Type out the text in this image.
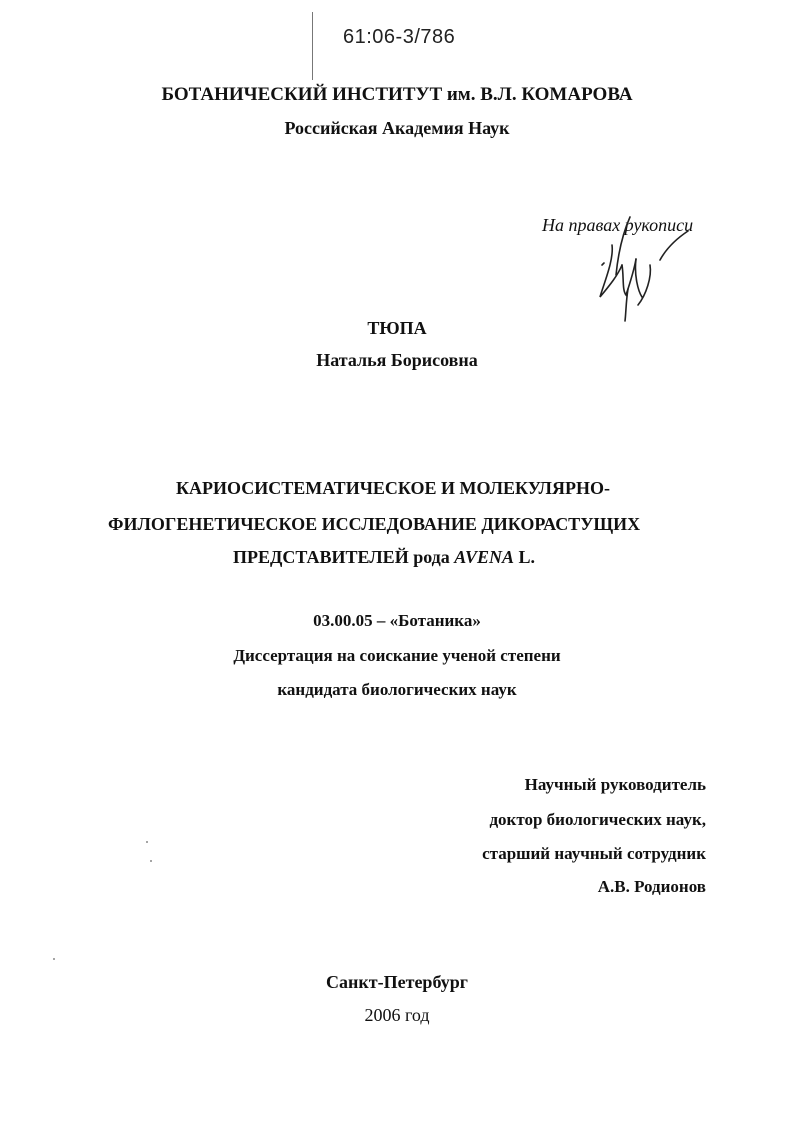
61:06-3/786
БОТАНИЧЕСКИЙ ИНСТИТУТ им. В.Л. КОМАРОВА
Российская Академия Наук
На правах рукописи
ТЮПА
Наталья Борисовна
КАРИОСИСТЕМАТИЧЕСКОЕ И МОЛЕКУЛЯРНО-
ФИЛОГЕНЕТИЧЕСКОЕ ИССЛЕДОВАНИЕ ДИКОРАСТУЩИХ
ПРЕДСТАВИТЕЛЕЙ рода AVENA L.
03.00.05 – «Ботаника»
Диссертация на соискание ученой степени
кандидата биологических наук
Научный руководитель
доктор биологических наук,
старший научный сотрудник
А.В. Родионов
Санкт-Петербург
2006 год
